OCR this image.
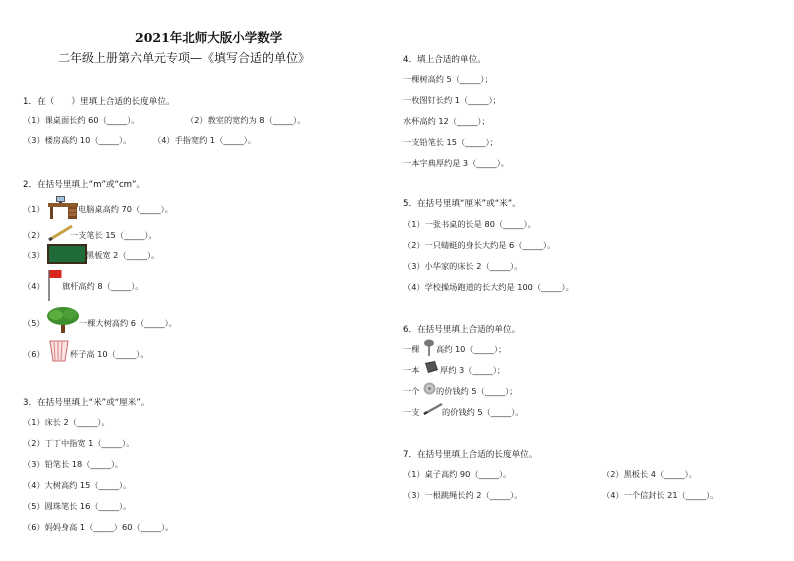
2021年北师大版小学数学
二年级上册第六单元专项—《填写合适的单位》
1．在（　　）里填上合适的长度单位。
（1）课桌面长约 60（_____）。	（2）教室的宽约为 8（_____）。
（3）楼房高约 10（_____）。	（4）手指宽约 1（_____）。
2．在括号里填上“m”或“cm”。
（1）	电脑桌高约 70（_____）。
（2）	一支笔长 15（_____）。
（3）	黑板宽 2（_____）。
（4） 旗杆高约 8（_____）。
（5）	一棵大树高约 6（_____）。
（6）	杯子高 10（_____）。
3．在括号里填上“米”或“厘米”。
（1）床长 2（_____）。
（2）丁丁中指宽 1（_____）。
（3）铅笔长 18（_____）。
（4）大树高约 15（_____）。
（5）圆珠笔长 16（_____）。
（6）妈妈身高 1（_____）60（_____）。
4．填上合适的单位。
一棵树高约 5（_____）；
一枚图钉长约 1（_____）；
水杯高约 12（_____）；
一支铅笔长 15（_____）；
一本字典厚约是 3（_____）。
5．在括号里填“厘米”或“米”。
（1）一张书桌的长是 80（_____）。
（2）一只蜻蜓的身长大约是 6（_____）。
（3）小华家的床长 2（_____）。
（4）学校操场跑道的长大约是 100（_____）。
6．在括号里填上合适的单位。
一棵 高约 10（_____）；
一本	厚约 3（_____）；
一个 的价钱约 5（_____）；
一支	的价钱约 5（_____）。
7．在括号里填上合适的长度单位。
（1）桌子高约 90（_____）。	（2）黑板长 4（_____）。
（3）一根跳绳长约 2（_____）。	（4）一个信封长 21（_____）。
